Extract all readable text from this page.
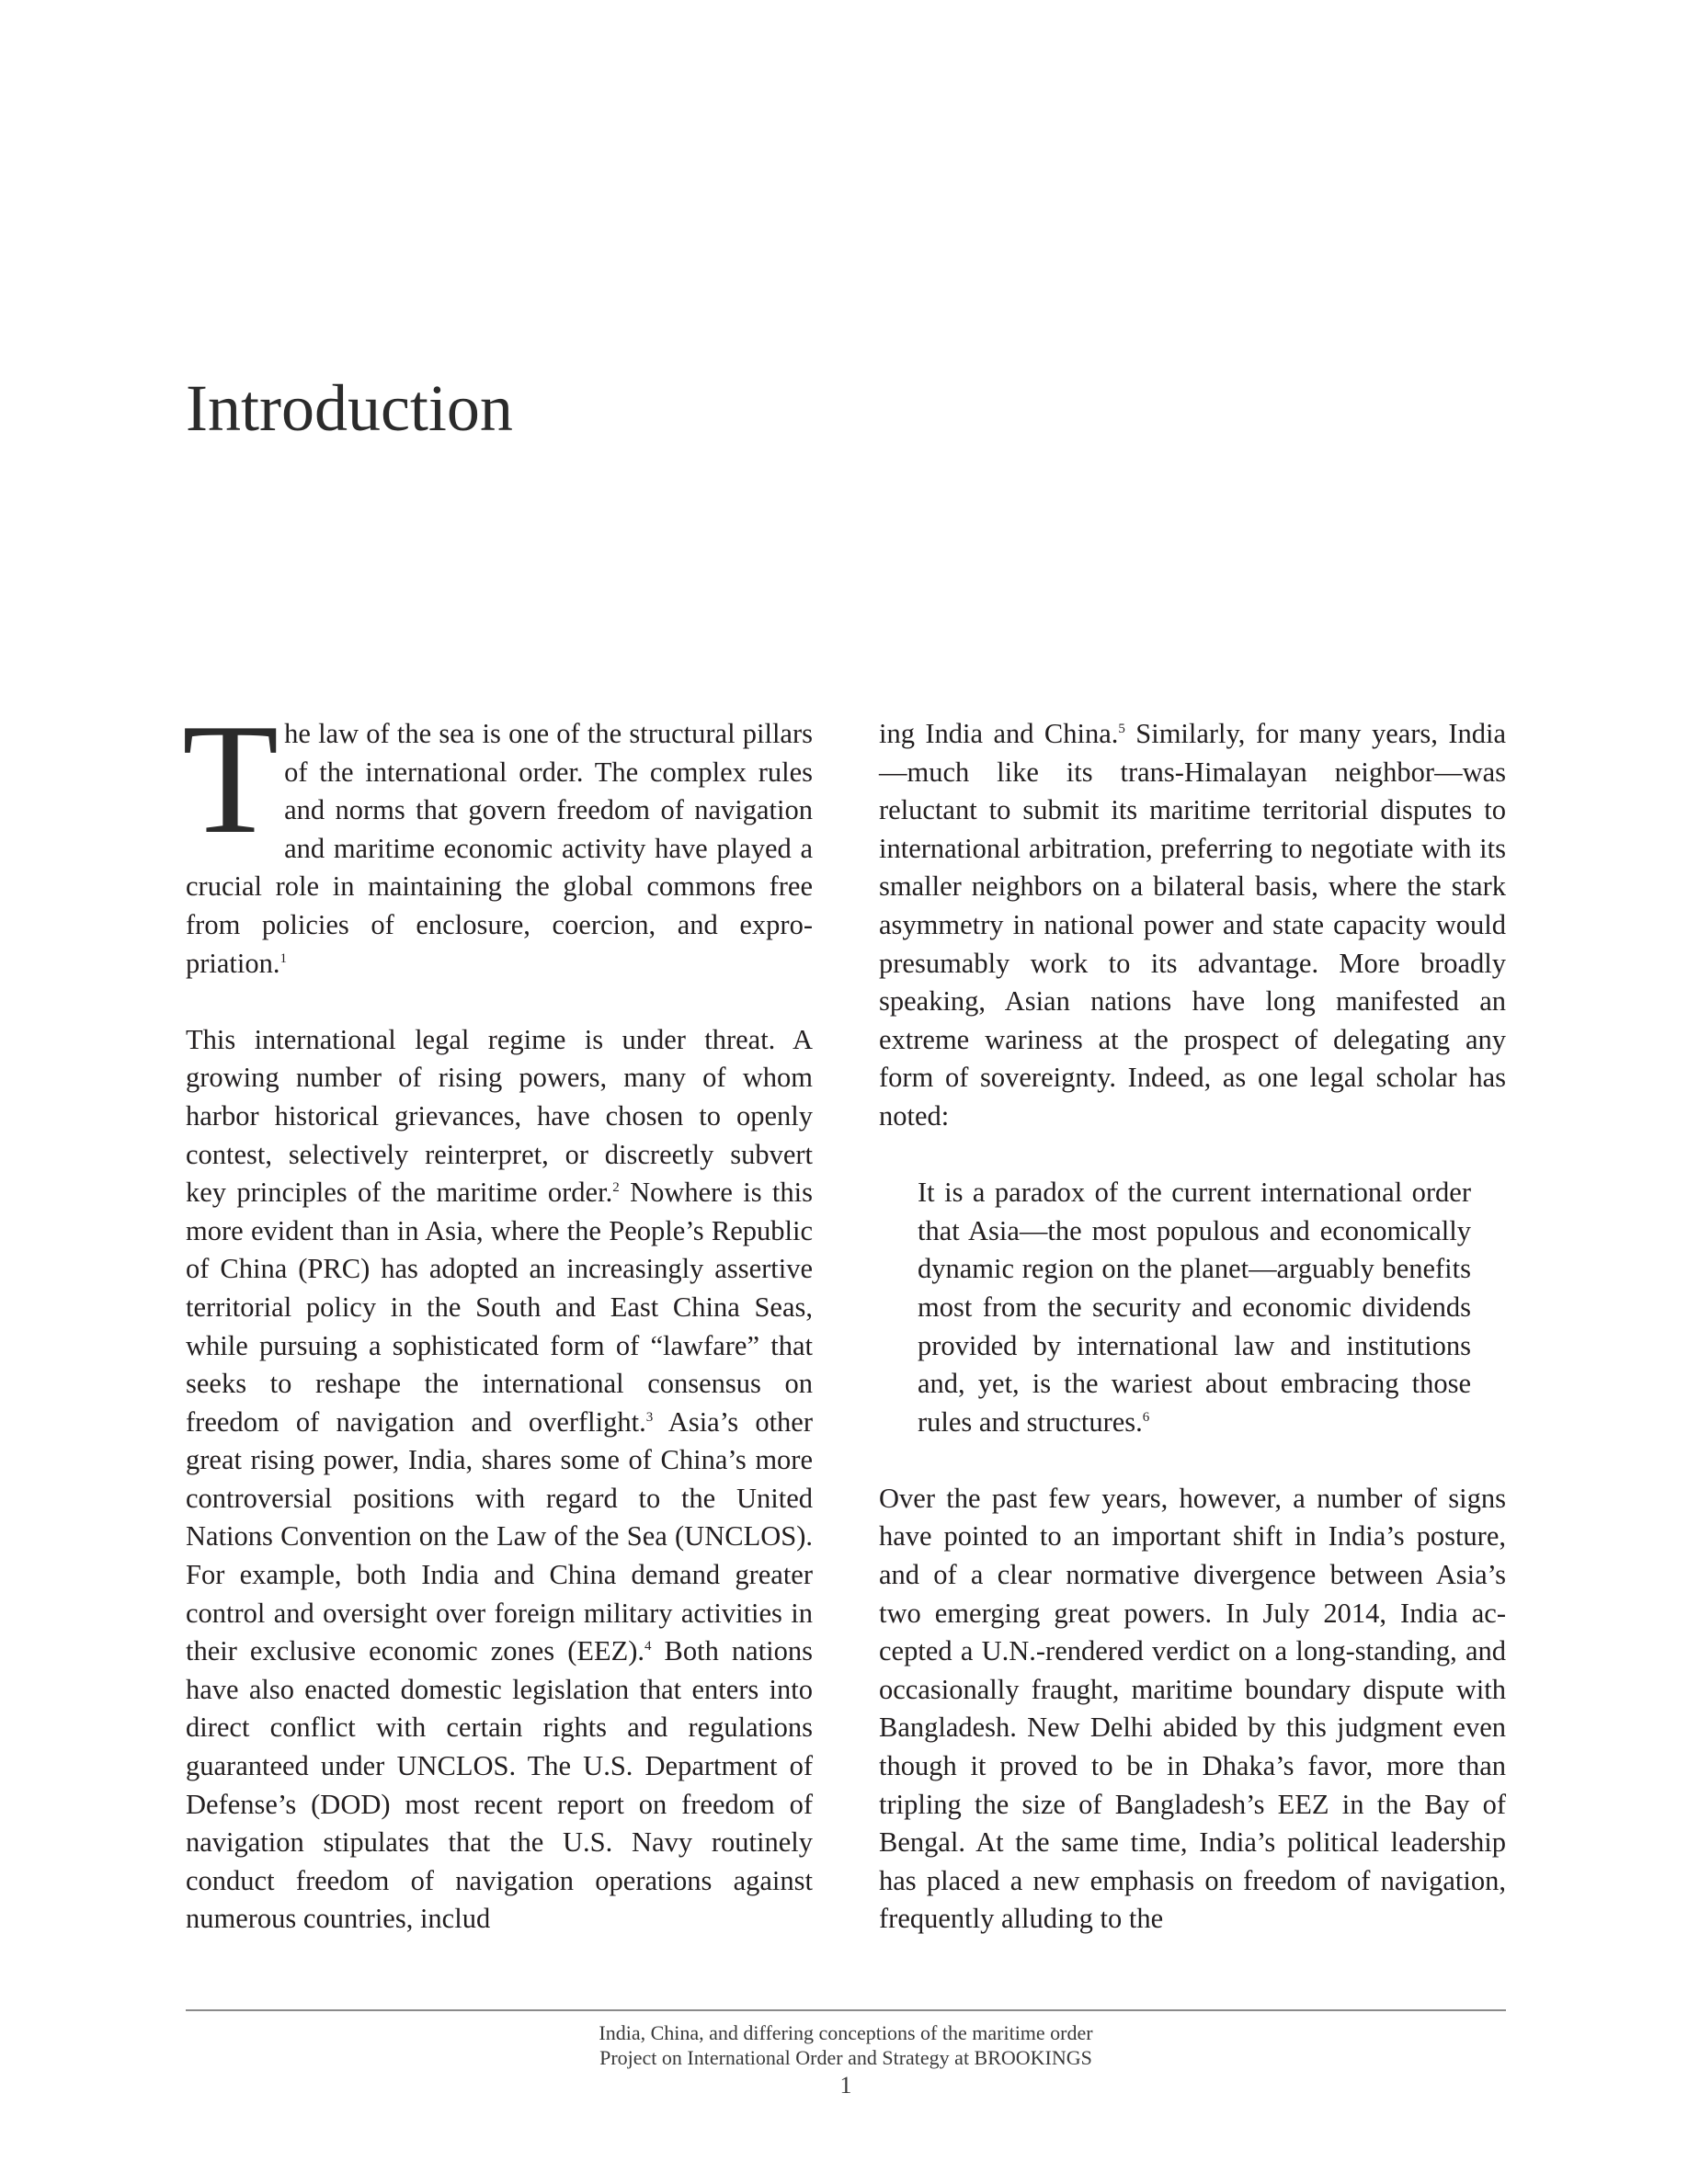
Introduction

The law of the sea is one of the structural pillars of the international order. The complex rules and norms that govern freedom of navigation and maritime economic activity have played a crucial role in maintaining the global commons free from policies of enclosure, coercion, and expropriation.$^1$

This international legal regime is under threat. A growing number of rising powers, many of whom harbor historical grievances, have chosen to openly contest, selectively reinterpret, or discreetly subvert key principles of the maritime order.$^2$ Nowhere is this more evident than in Asia, where the People’s Republic of China (PRC) has adopted an increasingly assertive territorial policy in the South and East China Seas, while pursuing a sophisticated form of “lawfare” that seeks to reshape the international consensus on freedom of navigation and overflight.$^3$ Asia’s other great rising power, India, shares some of China’s more controversial positions with regard to the United Nations Convention on the Law of the Sea (UNCLOS). For example, both India and China demand greater control and oversight over foreign military activities in their exclusive economic zones (EEZ).$^4$ Both nations have also enacted domestic legislation that enters into direct conflict with certain rights and regulations guaranteed under UNCLOS. The U.S. Department of Defense’s (DOD) most recent report on freedom of navigation stipulates that the U.S. Navy routinely conduct freedom of navigation operations against numerous countries, includ

ing India and China.$^5$ Similarly, for many years, India—much like its trans-Himalayan neighbor—was reluctant to submit its maritime territorial disputes to international arbitration, preferring to negotiate with its smaller neighbors on a bilateral basis, where the stark asymmetry in national power and state capacity would presumably work to its advantage. More broadly speaking, Asian nations have long manifested an extreme wariness at the prospect of delegating any form of sovereignty. Indeed, as one legal scholar has noted:

It is a paradox of the current international order that Asia—the most populous and economically dynamic region on the planet—arguably benefits most from the security and economic dividends provided by international law and institutions and, yet, is the wariest about embracing those rules and structures.$^6$

Over the past few years, however, a number of signs have pointed to an important shift in India’s posture, and of a clear normative divergence between Asia’s two emerging great powers. In July 2014, India accepted a U.N.-rendered verdict on a long-standing, and occasionally fraught, maritime boundary dispute with Bangladesh. New Delhi abided by this judgment even though it proved to be in Dhaka’s favor, more than tripling the size of Bangladesh’s EEZ in the Bay of Bengal. At the same time, India’s political leadership has placed a new emphasis on freedom of navigation, frequently alluding to the

India, China, and differing conceptions of the maritime order
Project on International Order and Strategy at BROOKINGS
1
